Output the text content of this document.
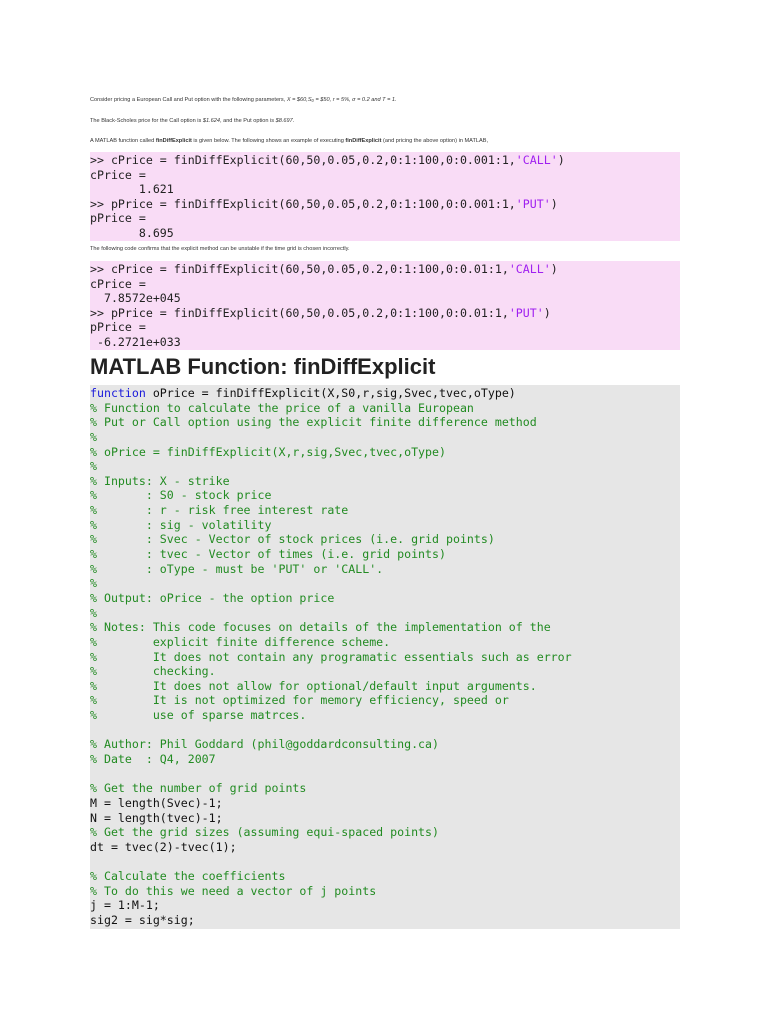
Consider pricing a European Call and Put option with the following parameters, X = $60,S₀ = $50, r = 5%, σ = 0.2 and T = 1.
The Black-Scholes price for the Call option is $1.624, and the Put option is $8.697.
A MATLAB function called finDiffExplicit is given below. The following shows an example of executing finDiffExplicit (and pricing the above option) in MATLAB,
>> cPrice = finDiffExplicit(60,50,0.05,0.2,0:1:100,0:0.001:1,'CALL')
cPrice =
1.621
>> pPrice = finDiffExplicit(60,50,0.05,0.2,0:1:100,0:0.001:1,'PUT')
pPrice =
8.695
The following code confirms that the explicit method can be unstable if the time grid is chosen incorrectly.
>> cPrice = finDiffExplicit(60,50,0.05,0.2,0:1:100,0:0.01:1,'CALL')
cPrice =
7.8572e+045
>> pPrice = finDiffExplicit(60,50,0.05,0.2,0:1:100,0:0.01:1,'PUT')
pPrice =
-6.2721e+033
MATLAB Function: finDiffExplicit
function oPrice = finDiffExplicit(X,S0,r,sig,Svec,tvec,oType)
% Function to calculate the price of a vanilla European
% Put or Call option using the explicit finite difference method
%
% oPrice = finDiffExplicit(X,r,sig,Svec,tvec,oType)
%
% Inputs: X - strike
%       : S0 - stock price
%       : r - risk free interest rate
%       : sig - volatility
%       : Svec - Vector of stock prices (i.e. grid points)
%       : tvec - Vector of times (i.e. grid points)
%       : oType - must be 'PUT' or 'CALL'.
%
% Output: oPrice - the option price
%
% Notes: This code focuses on details of the implementation of the
%        explicit finite difference scheme.
%        It does not contain any programatic essentials such as error
%        checking.
%        It does not allow for optional/default input arguments.
%        It is not optimized for memory efficiency, speed or
%        use of sparse matrces.
% Author: Phil Goddard (phil@goddardconsulting.ca)
% Date  : Q4, 2007
% Get the number of grid points
M = length(Svec)-1;
N = length(tvec)-1;
% Get the grid sizes (assuming equi-spaced points)
dt = tvec(2)-tvec(1);
% Calculate the coefficients
% To do this we need a vector of j points
j = 1:M-1;
sig2 = sig*sig;
